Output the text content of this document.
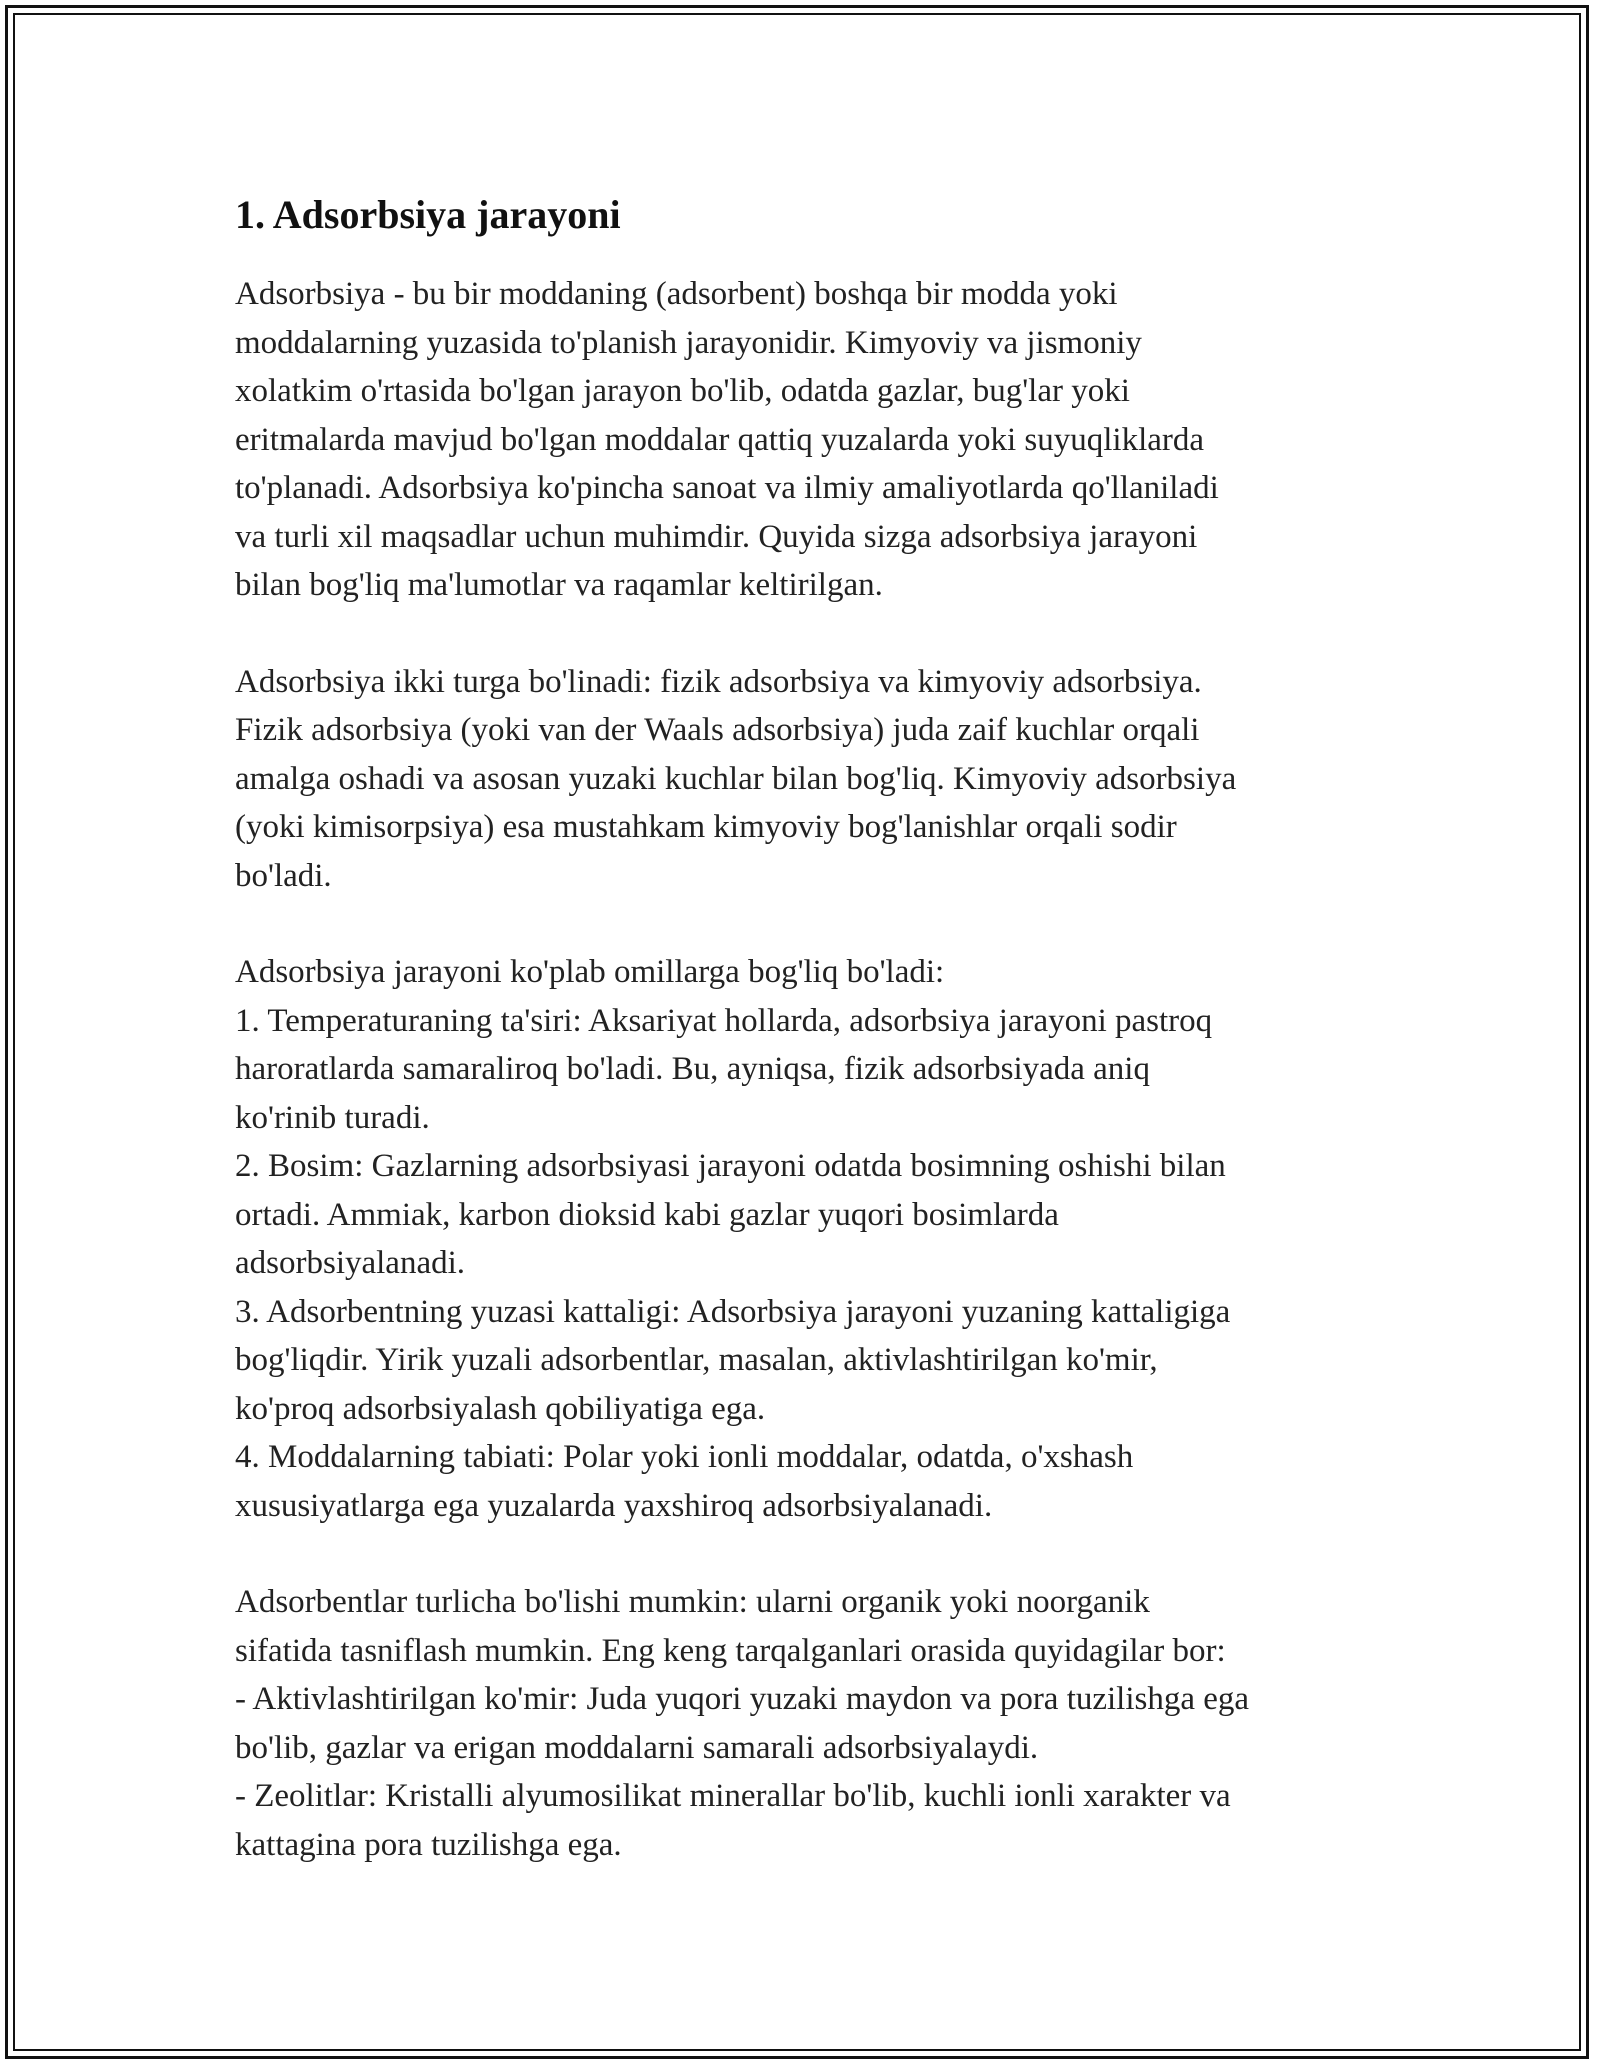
1. Adsorbsiya jarayoni
Adsorbsiya - bu bir moddaning (adsorbent) boshqa bir modda yoki
moddalarning yuzasida to'planish jarayonidir. Kimyoviy va jismoniy
xolatkim o'rtasida bo'lgan jarayon bo'lib, odatda gazlar, bug'lar yoki
eritmalarda mavjud bo'lgan moddalar qattiq yuzalarda yoki suyuqliklarda
to'planadi. Adsorbsiya ko'pincha sanoat va ilmiy amaliyotlarda qo'llaniladi
va turli xil maqsadlar uchun muhimdir. Quyida sizga adsorbsiya jarayoni
bilan bog'liq ma'lumotlar va raqamlar keltirilgan.
Adsorbsiya ikki turga bo'linadi: fizik adsorbsiya va kimyoviy adsorbsiya.
Fizik adsorbsiya (yoki van der Waals adsorbsiya) juda zaif kuchlar orqali
amalga oshadi va asosan yuzaki kuchlar bilan bog'liq. Kimyoviy adsorbsiya
(yoki kimisorpsiya) esa mustahkam kimyoviy bog'lanishlar orqali sodir
bo'ladi.
Adsorbsiya jarayoni ko'plab omillarga bog'liq bo'ladi:
1. Temperaturaning ta'siri: Aksariyat hollarda, adsorbsiya jarayoni pastroq
haroratlarda samaraliroq bo'ladi. Bu, ayniqsa, fizik adsorbsiyada aniq
ko'rinib turadi.
2. Bosim: Gazlarning adsorbsiyasi jarayoni odatda bosimning oshishi bilan
ortadi. Ammiak, karbon dioksid kabi gazlar yuqori bosimlarda
adsorbsiyalanadi.
3. Adsorbentning yuzasi kattaligi: Adsorbsiya jarayoni yuzaning kattaligiga
bog'liqdir. Yirik yuzali adsorbentlar, masalan, aktivlashtirilgan ko'mir,
ko'proq adsorbsiyalash qobiliyatiga ega.
4. Moddalarning tabiati: Polar yoki ionli moddalar, odatda, o'xshash
xususiyatlarga ega yuzalarda yaxshiroq adsorbsiyalanadi.
Adsorbentlar turlicha bo'lishi mumkin: ularni organik yoki noorganik
sifatida tasniflash mumkin. Eng keng tarqalganlari orasida quyidagilar bor:
- Aktivlashtirilgan ko'mir: Juda yuqori yuzaki maydon va pora tuzilishga ega
bo'lib, gazlar va erigan moddalarni samarali adsorbsiyalaydi.
- Zeolitlar: Kristalli alyumosilikat minerallar bo'lib, kuchli ionli xarakter va
kattagina pora tuzilishga ega.
